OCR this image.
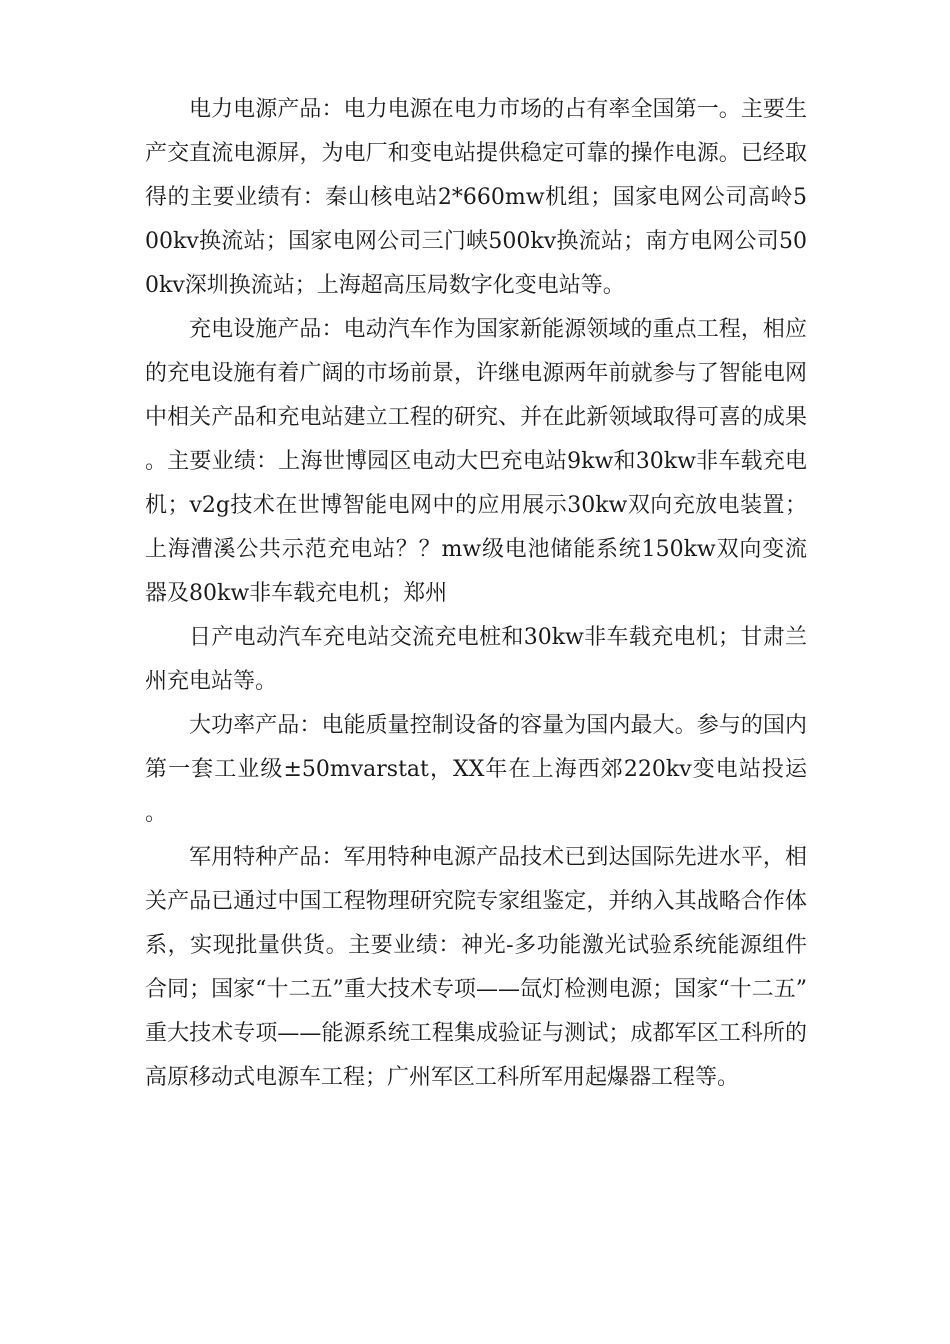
电力电源产品：电力电源在电力市场的占有率全国第一。主要生产交直流电源屏，为电厂和变电站提供稳定可靠的操作电源。已经取得的主要业绩有：秦山核电站2*660mw机组；国家电网公司高岭500kv换流站；国家电网公司三门峡500kv换流站；南方电网公司500kv深圳换流站；上海超高压局数字化变电站等。

充电设施产品：电动汽车作为国家新能源领域的重点工程，相应的充电设施有着广阔的市场前景，许继电源两年前就参与了智能电网中相关产品和充电站建立工程的研究、并在此新领域取得可喜的成果。主要业绩：上海世博园区电动大巴充电站9kw和30kw非车载充电机；v2g技术在世博智能电网中的应用展示30kw双向充放电装置；上海漕溪公共示范充电站？？mw级电池储能系统150kw双向变流器及80kw非车载充电机；郑州

日产电动汽车充电站交流充电桩和30kw非车载充电机；甘肃兰州充电站等。

大功率产品：电能质量控制设备的容量为国内最大。参与的国内第一套工业级±50mvarstat，XX年在上海西郊220kv变电站投运。

军用特种产品：军用特种电源产品技术已到达国际先进水平，相关产品已通过中国工程物理研究院专家组鉴定，并纳入其战略合作体系，实现批量供货。主要业绩：神光-多功能激光试验系统能源组件合同；国家“十二五”重大技术专项——氙灯检测电源；国家“十二五”重大技术专项——能源系统工程集成验证与测试；成都军区工科所的高原移动式电源车工程；广州军区工科所军用起爆器工程等。
